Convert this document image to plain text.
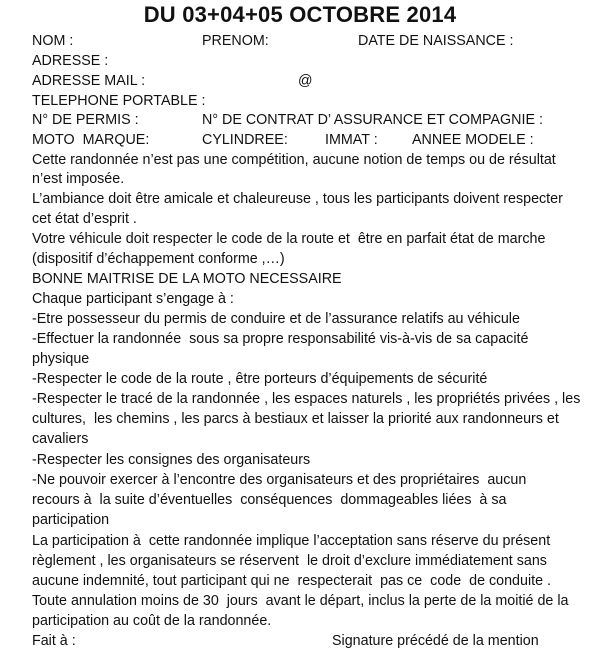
DU 03+04+05 OCTOBRE 2014
NOM :	PRENOM:	DATE DE NAISSANCE :
ADRESSE :
ADRESSE MAIL :	@
TELEPHONE PORTABLE :
N° DE PERMIS :	N° DE CONTRAT D’ ASSURANCE ET COMPAGNIE :
MOTO  MARQUE:	CYLINDREE:	IMMAT : ANNEE MODELE :
Cette randonnée n’est pas une compétition, aucune notion de temps ou de résultat
n’est imposée.
L’ambiance doit être amicale et chaleureuse , tous les participants doivent respecter
cet état d’esprit .
Votre véhicule doit respecter le code de la route et  être en parfait état de marche
(dispositif d’échappement conforme ,…)
BONNE MAITRISE DE LA MOTO NECESSAIRE
Chaque participant s’engage à :
-Etre possesseur du permis de conduire et de l’assurance relatifs au véhicule
-Effectuer la randonnée  sous sa propre responsabilité vis-à-vis de sa capacité
physique
-Respecter le code de la route , être porteurs d’équipements de sécurité
-Respecter le tracé de la randonnée , les espaces naturels , les propriétés privées , les
cultures,  les chemins , les parcs à bestiaux et laisser la priorité aux randonneurs et
cavaliers
-Respecter les consignes des organisateurs
-Ne pouvoir exercer à l’encontre des organisateurs et des propriétaires  aucun
recours à  la suite d’éventuelles  conséquences  dommageables liées  à sa
participation
La participation à  cette randonnée implique l’acceptation sans réserve du présent
règlement , les organisateurs se réservent  le droit d’exclure immédiatement sans
aucune indemnité, tout participant qui ne  respecterait  pas ce  code  de conduite .
Toute annulation moins de 30  jours  avant le départ, inclus la perte de la moitié de la
participation au coût de la randonnée.
Fait à :	Signature précédé de la mention
